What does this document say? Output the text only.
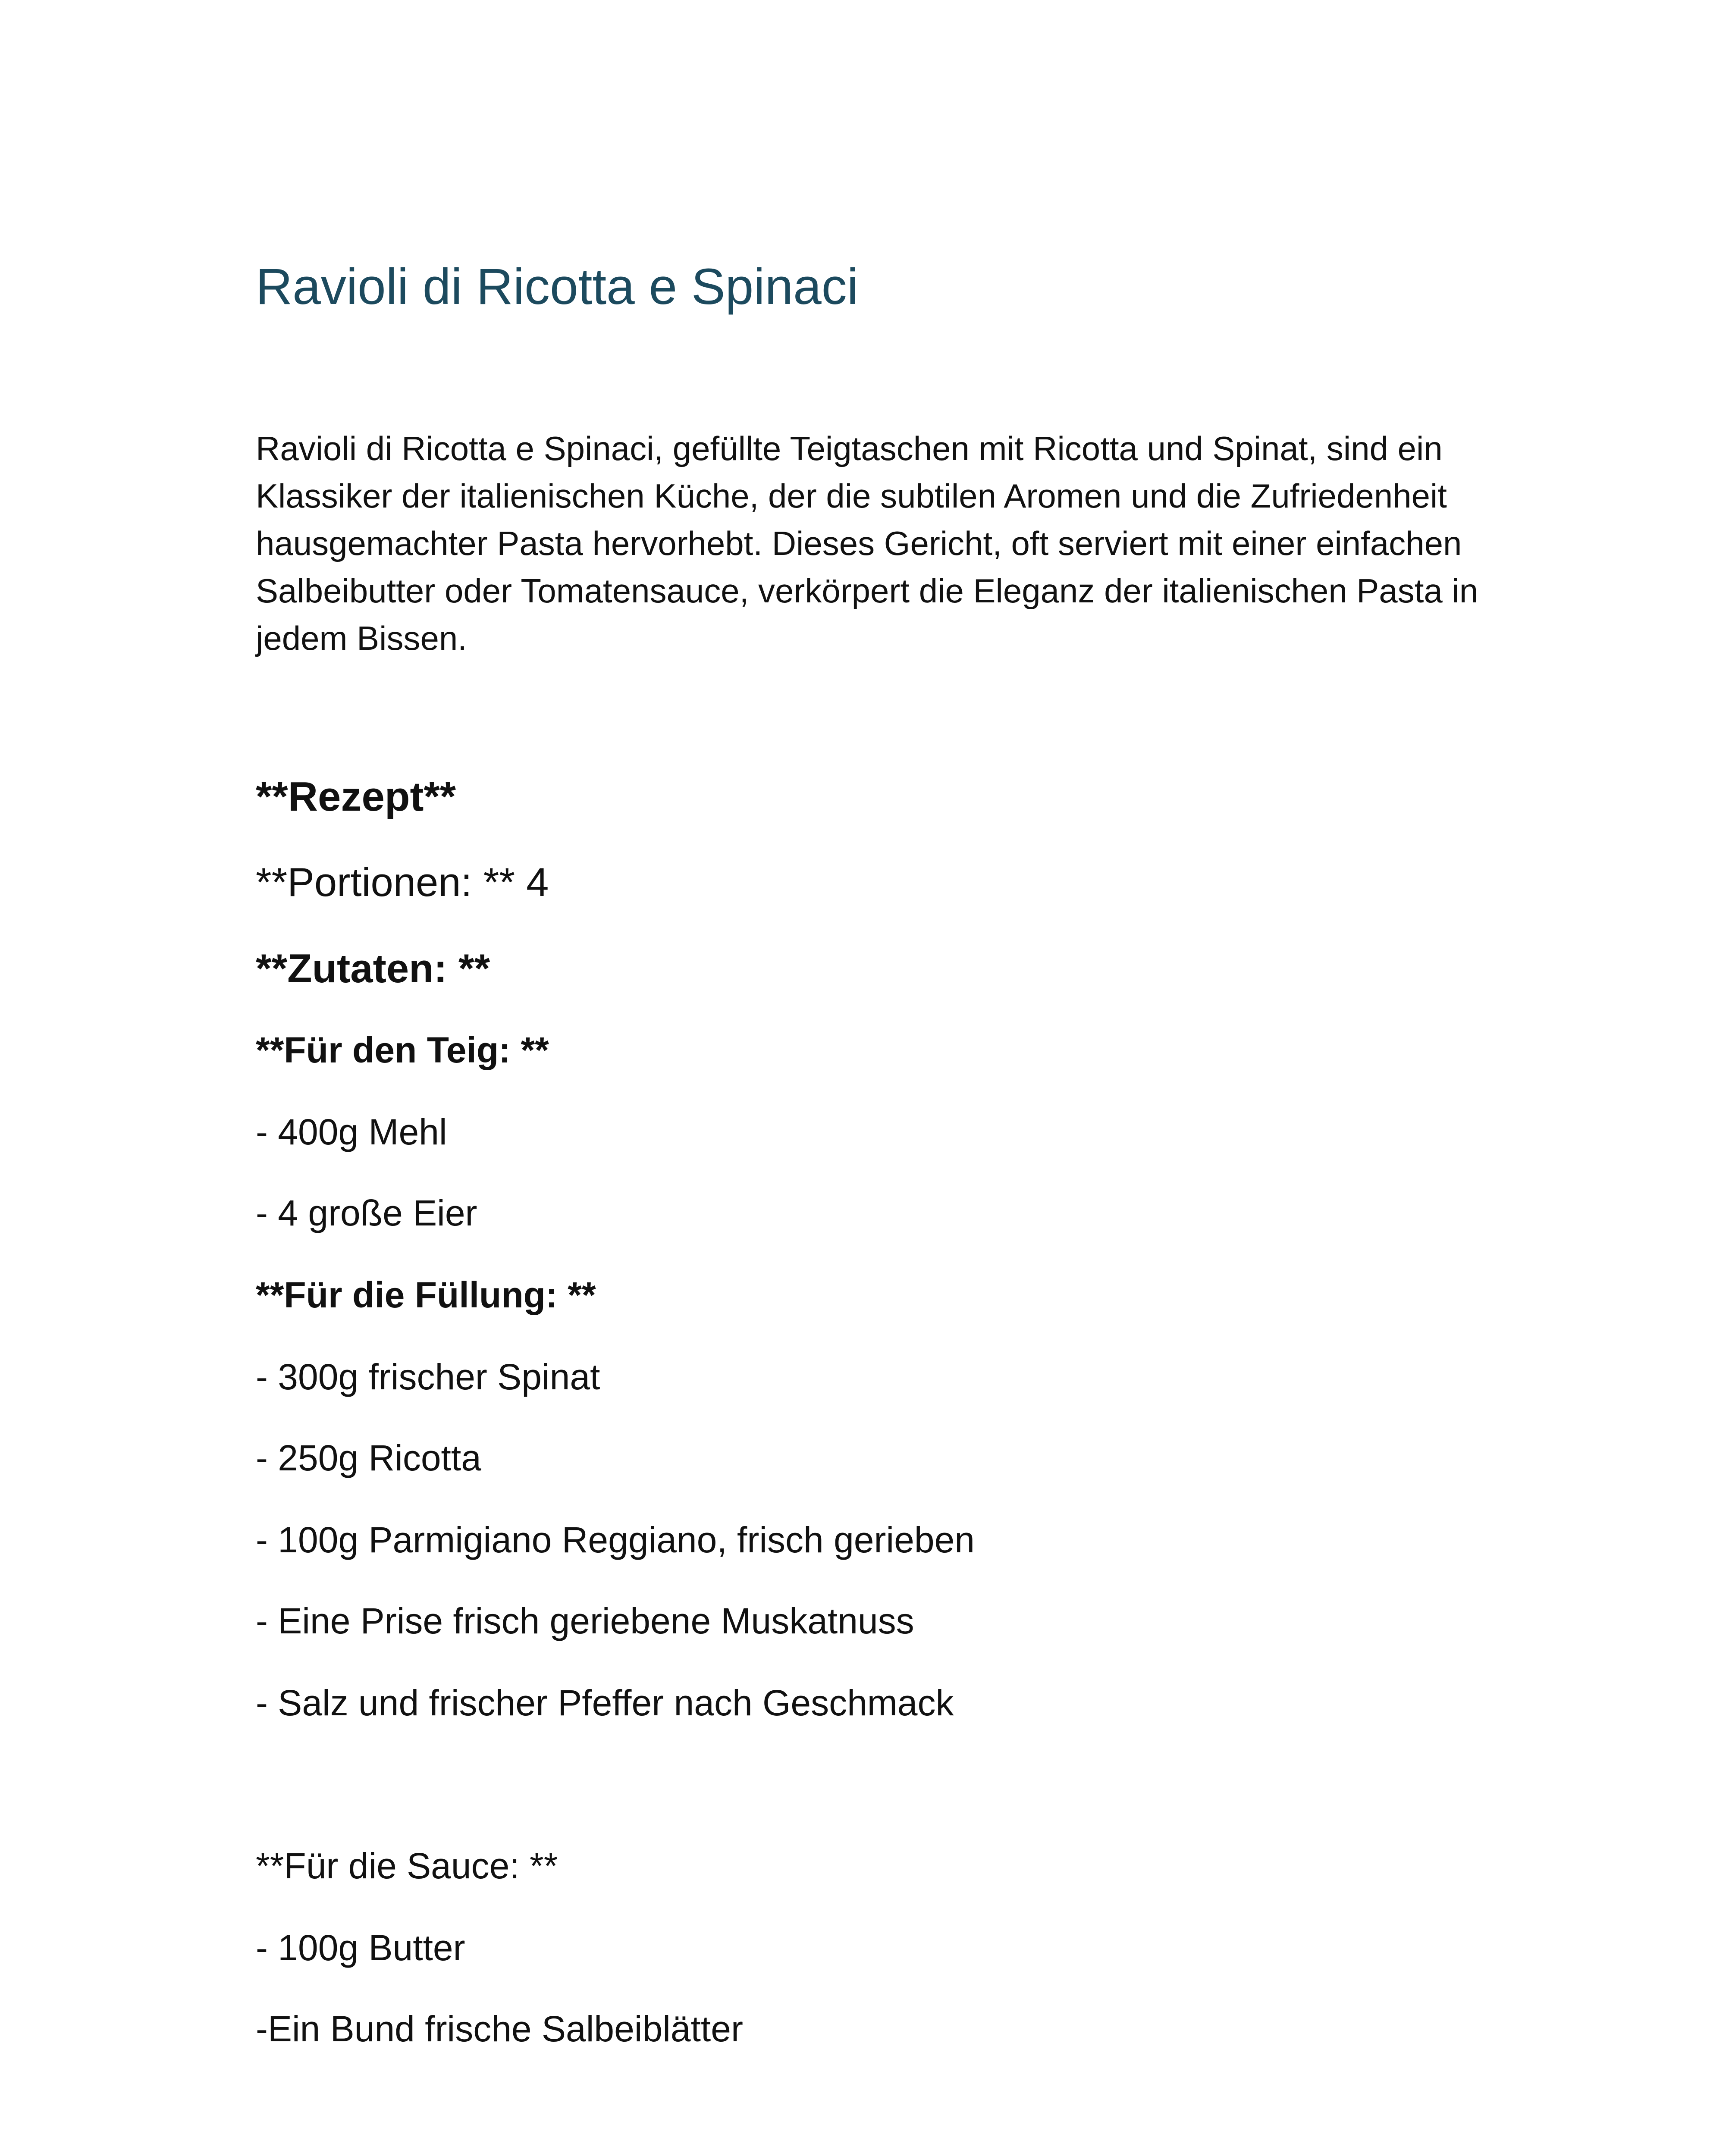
Ravioli di Ricotta e Spinaci

Ravioli di Ricotta e Spinaci, gefüllte Teigtaschen mit Ricotta und Spinat, sind ein Klassiker der italienischen Küche, der die subtilen Aromen und die Zufriedenheit hausgemachter Pasta hervorhebt. Dieses Gericht, oft serviert mit einer einfachen Salbeibutter oder Tomatensauce, verkörpert die Eleganz der italienischen Pasta in jedem Bissen.

**Rezept**

**Portionen: ** 4

**Zutaten: **

**Für den Teig: **

- 400g Mehl

- 4 große Eier

**Für die Füllung: **

- 300g frischer Spinat

- 250g Ricotta

- 100g Parmigiano Reggiano, frisch gerieben

- Eine Prise frisch geriebene Muskatnuss

- Salz und frischer Pfeffer nach Geschmack

**Für die Sauce: **

- 100g Butter

-Ein Bund frische Salbeiblätter
